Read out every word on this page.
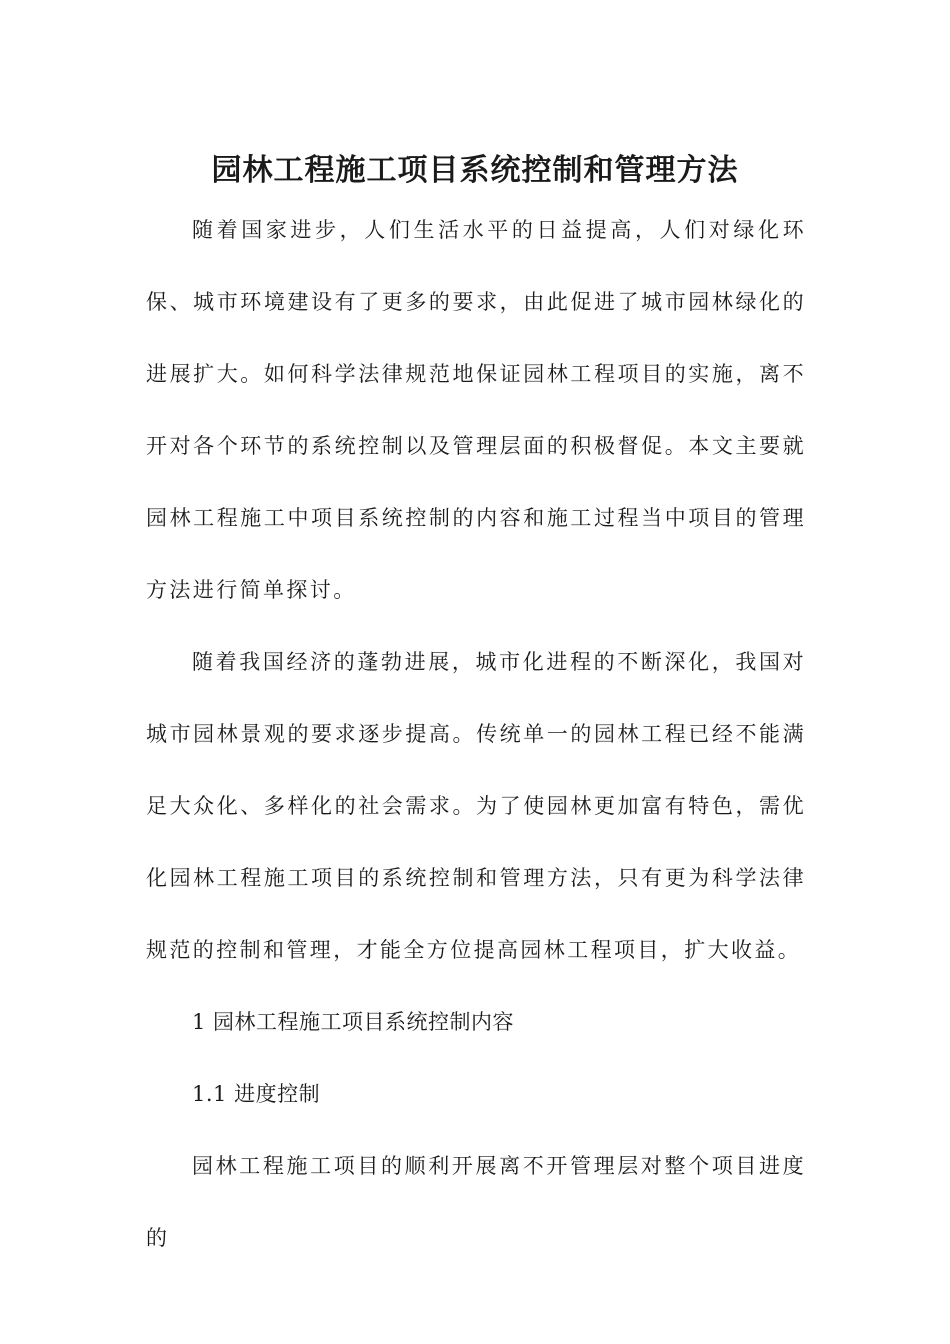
园林工程施工项目系统控制和管理方法

随着国家进步，人们生活水平的日益提高，人们对绿化环保、城市环境建设有了更多的要求，由此促进了城市园林绿化的进展扩大。如何科学法律规范地保证园林工程项目的实施，离不开对各个环节的系统控制以及管理层面的积极督促。本文主要就园林工程施工中项目系统控制的内容和施工过程当中项目的管理方法进行简单探讨。

随着我国经济的蓬勃进展，城市化进程的不断深化，我国对城市园林景观的要求逐步提高。传统单一的园林工程已经不能满足大众化、多样化的社会需求。为了使园林更加富有特色，需优化园林工程施工项目的系统控制和管理方法，只有更为科学法律规范的控制和管理，才能全方位提高园林工程项目，扩大收益。

1 园林工程施工项目系统控制内容

1.1 进度控制

园林工程施工项目的顺利开展离不开管理层对整个项目进度的
